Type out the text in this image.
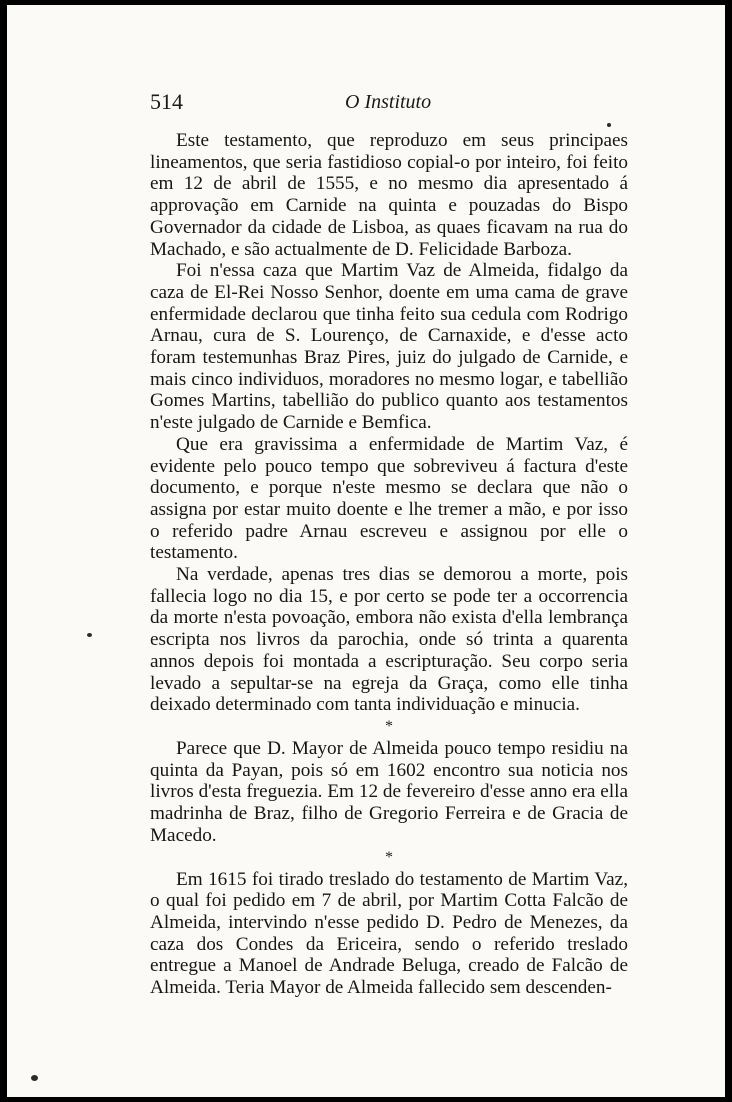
514	O Instituto

Este testamento, que reproduzo em seus principaes lineamentos, que seria fastidioso copial-o por inteiro, foi feito em 12 de abril de 1555, e no mesmo dia apresentado á approvação em Carnide na quinta e pouzadas do Bispo Governador da cidade de Lisboa, as quaes ficavam na rua do Machado, e são actualmente de D. Felicidade Barboza.

Foi n'essa caza que Martim Vaz de Almeida, fidalgo da caza de El-Rei Nosso Senhor, doente em uma cama de grave enfermidade declarou que tinha feito sua cedula com Rodrigo Arnau, cura de S. Lourenço, de Carnaxide, e d'esse acto foram testemunhas Braz Pires, juiz do julgado de Carnide, e mais cinco individuos, moradores no mesmo logar, e tabellião Gomes Martins, tabellião do publico quanto aos testamentos n'este julgado de Carnide e Bemfica.

Que era gravissima a enfermidade de Martim Vaz, é evidente pelo pouco tempo que sobreviveu á factura d'este documento, e porque n'este mesmo se declara que não o assigna por estar muito doente e lhe tremer a mão, e por isso o referido padre Arnau escreveu e assignou por elle o testamento.

Na verdade, apenas tres dias se demorou a morte, pois fallecia logo no dia 15, e por certo se pode ter a occorrencia da morte n'esta povoação, embora não exista d'ella lembrança escripta nos livros da parochia, onde só trinta a quarenta annos depois foi montada a escripturação. Seu corpo seria levado a sepultar-se na egreja da Graça, como elle tinha deixado determinado com tanta individuação e minucia.

*

Parece que D. Mayor de Almeida pouco tempo residiu na quinta da Payan, pois só em 1602 encontro sua noticia nos livros d'esta freguezia. Em 12 de fevereiro d'esse anno era ella madrinha de Braz, filho de Gregorio Ferreira e de Gracia de Macedo.

*

Em 1615 foi tirado treslado do testamento de Martim Vaz, o qual foi pedido em 7 de abril, por Martim Cotta Falcão de Almeida, intervindo n'esse pedido D. Pedro de Menezes, da caza dos Condes da Ericeira, sendo o referido treslado entregue a Manoel de Andrade Beluga, creado de Falcão de Almeida. Teria Mayor de Almeida fallecido sem descenden-
